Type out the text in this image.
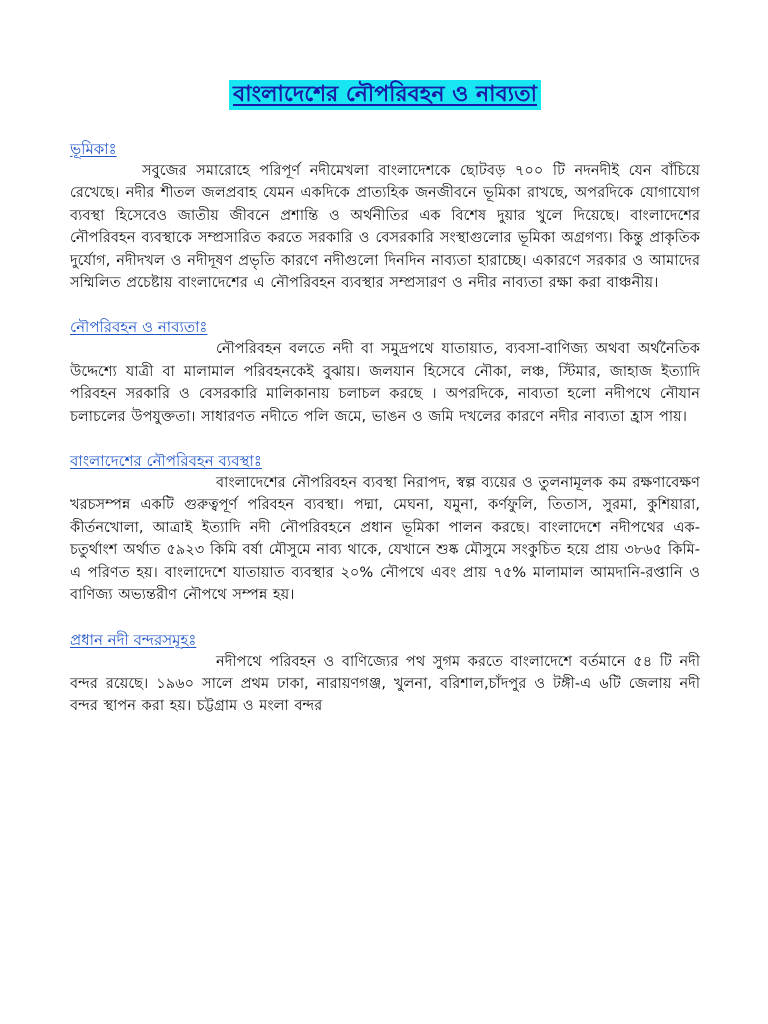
বাংলাদেশের নৌপরিবহন ও নাব্যতা
ভূমিকাঃ

সবুজের সমারোহে পরিপূর্ণ নদীমেখলা বাংলাদেশকে ছোটবড় ৭০০ টি নদনদীই যেন বাঁচিয়ে রেখেছে। নদীর শীতল জলপ্রবাহ যেমন একদিকে প্রাত্যহিক জনজীবনে ভূমিকা রাখছে, অপরদিকে যোগাযোগ ব্যবস্থা হিসেবেও জাতীয় জীবনে প্রশান্তি ও অর্থনীতির এক বিশেষ দুয়ার খুলে দিয়েছে। বাংলাদেশের নৌপরিবহন ব্যবস্থাকে সম্প্রসারিত করতে সরকারি ও বেসরকারি সংস্থাগুলোর ভূমিকা অগ্রগণ্য। কিন্তু প্রাকৃতিক দুর্যোগ, নদীদখল ও নদীদূষণ প্রভৃতি কারণে নদীগুলো দিনদিন নাব্যতা হারাচ্ছে। একারণে সরকার ও আমাদের সম্মিলিত প্রচেষ্টায় বাংলাদেশের এ নৌপরিবহন ব্যবস্থার সম্প্রসারণ ও নদীর নাব্যতা রক্ষা করা বাঞ্চনীয়।

নৌপরিবহন ও নাব্যতাঃ

নৌপরিবহন বলতে নদী বা সমুদ্রপথে যাতায়াত, ব্যবসা-বাণিজ্য অথবা অর্থনৈতিক উদ্দেশ্যে যাত্রী বা মালামাল পরিবহনকেই বুঝায়। জলযান হিসেবে নৌকা, লঞ্চ, স্টিমার, জাহাজ ইত্যাদি পরিবহন সরকারি ও বেসরকারি মালিকানায় চলাচল করছে । অপরদিকে, নাব্যতা হলো নদীপথে নৌযান চলাচলের উপযুক্ততা। সাধারণত নদীতে পলি জমে, ভাঙন ও জমি দখলের কারণে নদীর নাব্যতা হ্রাস পায়।

বাংলাদেশের নৌপরিবহন ব্যবস্থাঃ

বাংলাদেশের নৌপরিবহন ব্যবস্থা নিরাপদ, স্বল্প ব্যয়ের ও তুলনামূলক কম রক্ষণাবেক্ষণ খরচসম্পন্ন একটি গুরুত্বপূর্ণ পরিবহন ব্যবস্থা। পদ্মা, মেঘনা, যমুনা, কর্ণফুলি, তিতাস, সুরমা, কুশিয়ারা, কীর্তনখোলা, আত্রাই ইত্যাদি নদী নৌপরিবহনে প্রধান ভূমিকা পালন করছে। বাংলাদেশে নদীপথের এক-চতুর্থাংশ অর্থাত ৫৯২৩ কিমি বর্ষা মৌসুমে নাব্য থাকে, যেখানে শুষ্ক মৌসুমে সংকুচিত হয়ে প্রায় ৩৮৬৫ কিমি-এ পরিণত হয়। বাংলাদেশে যাতায়াত ব্যবস্থার ২০% নৌপথে এবং প্রায় ৭৫% মালামাল আমদানি-রপ্তানি ও বাণিজ্য অভ্যন্তরীণ নৌপথে সম্পন্ন হয়।

প্রধান নদী বন্দরসমূহঃ

নদীপথে পরিবহন ও বাণিজ্যের পথ সুগম করতে বাংলাদেশে বর্তমানে ৫৪ টি নদী বন্দর রয়েছে। ১৯৬০ সালে প্রথম ঢাকা, নারায়ণগঞ্জ, খুলনা, বরিশাল,চাঁদপুর ও টঙ্গী-এ ৬টি জেলায় নদী বন্দর স্থাপন করা হয়। চট্টগ্রাম ও মংলা বন্দর
